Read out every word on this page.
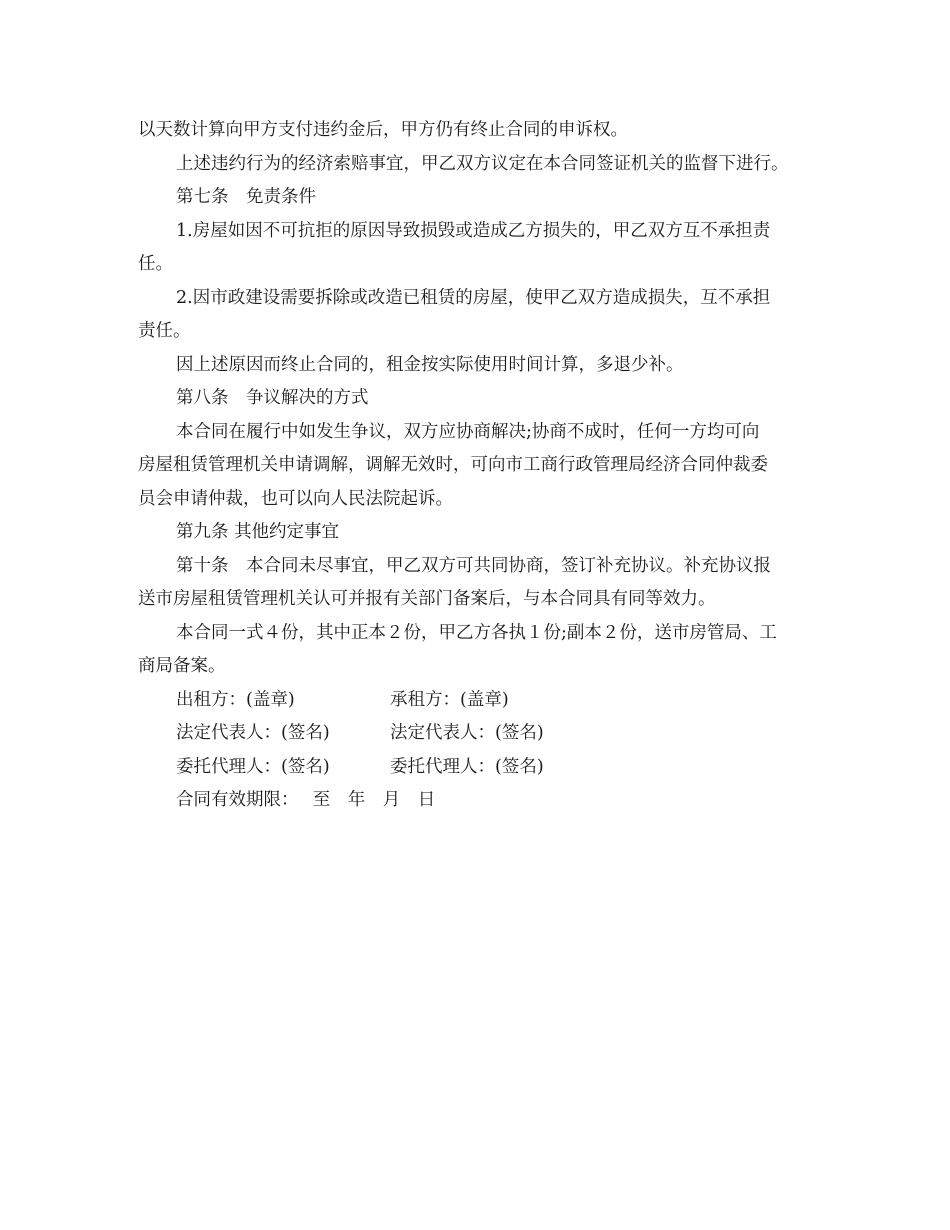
以天数计算向甲方支付违约金后，甲方仍有终止合同的申诉权。

上述违约行为的经济索赔事宜，甲乙双方议定在本合同签证机关的监督下进行。

第七条　免责条件

1.房屋如因不可抗拒的原因导致损毁或造成乙方损失的，甲乙双方互不承担责

任。

2.因市政建设需要拆除或改造已租赁的房屋，使甲乙双方造成损失，互不承担

责任。

因上述原因而终止合同的，租金按实际使用时间计算，多退少补。

第八条　争议解决的方式

本合同在履行中如发生争议，双方应协商解决;协商不成时，任何一方均可向

房屋租赁管理机关申请调解，调解无效时，可向市工商行政管理局经济合同仲裁委

员会申请仲裁，也可以向人民法院起诉。

第九条 其他约定事宜

第十条　本合同未尽事宜，甲乙双方可共同协商，签订补充协议。补充协议报

送市房屋租赁管理机关认可并报有关部门备案后，与本合同具有同等效力。

本合同一式４份，其中正本２份，甲乙方各执１份;副本２份，送市房管局、工

商局备案。

出租方：(盖章)	承租方：(盖章)
法定代表人：(签名)	法定代表人：(签名)
委托代理人：(签名)	委托代理人：(签名)

合同有效期限：　 至　年　月　日
